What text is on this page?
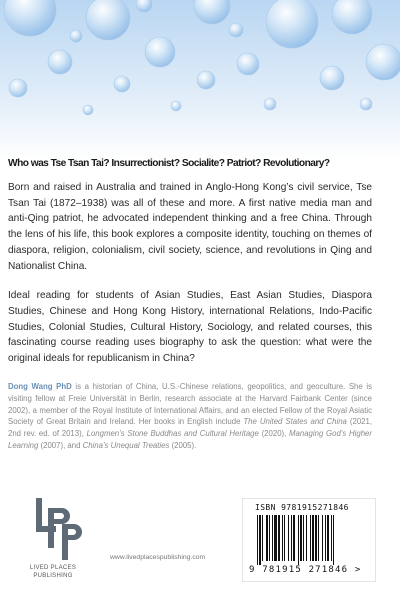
Who was Tse Tsan Tai? Insurrectionist? Socialite? Patriot? Revolutionary?

Born and raised in Australia and trained in Anglo-Hong Kong’s civil service, Tse Tsan Tai (1872–1938) was all of these and more. A first native media man and anti-Qing patriot, he advocated independent thinking and a free China. Through the lens of his life, this book explores a composite identity, touching on themes of diaspora, religion, colonialism, civil society, science, and revolutions in Qing and Nationalist China.

Ideal reading for students of Asian Studies, East Asian Studies, Diaspora Studies, Chinese and Hong Kong History, international Relations, Indo-Pacific Studies, Colonial Studies, Cultural History, Sociology, and related courses, this fascinating course reading uses biography to ask the question: what were the original ideals for republicanism in China?

Dong Wang PhD is a historian of China, U.S.-Chinese relations, geopolitics, and geoculture. She is visiting fellow at Freie Universität in Berlin, research associate at the Harvard Fairbank Center (since 2002), a member of the Royal Institute of International Affairs, and an elected Fellow of the Royal Asiatic Society of Great Britain and Ireland. Her books in English include The United States and China (2021, 2nd rev. ed. of 2013), Longmen’s Stone Buddhas and Cultural Heritage (2020), Managing God’s Higher Learning (2007), and China’s Unequal Treaties (2005).

LIVED PLACES
PUBLISHING
www.livedplacespublishing.com
ISBN 9781915271846
9 781915 271846 >
